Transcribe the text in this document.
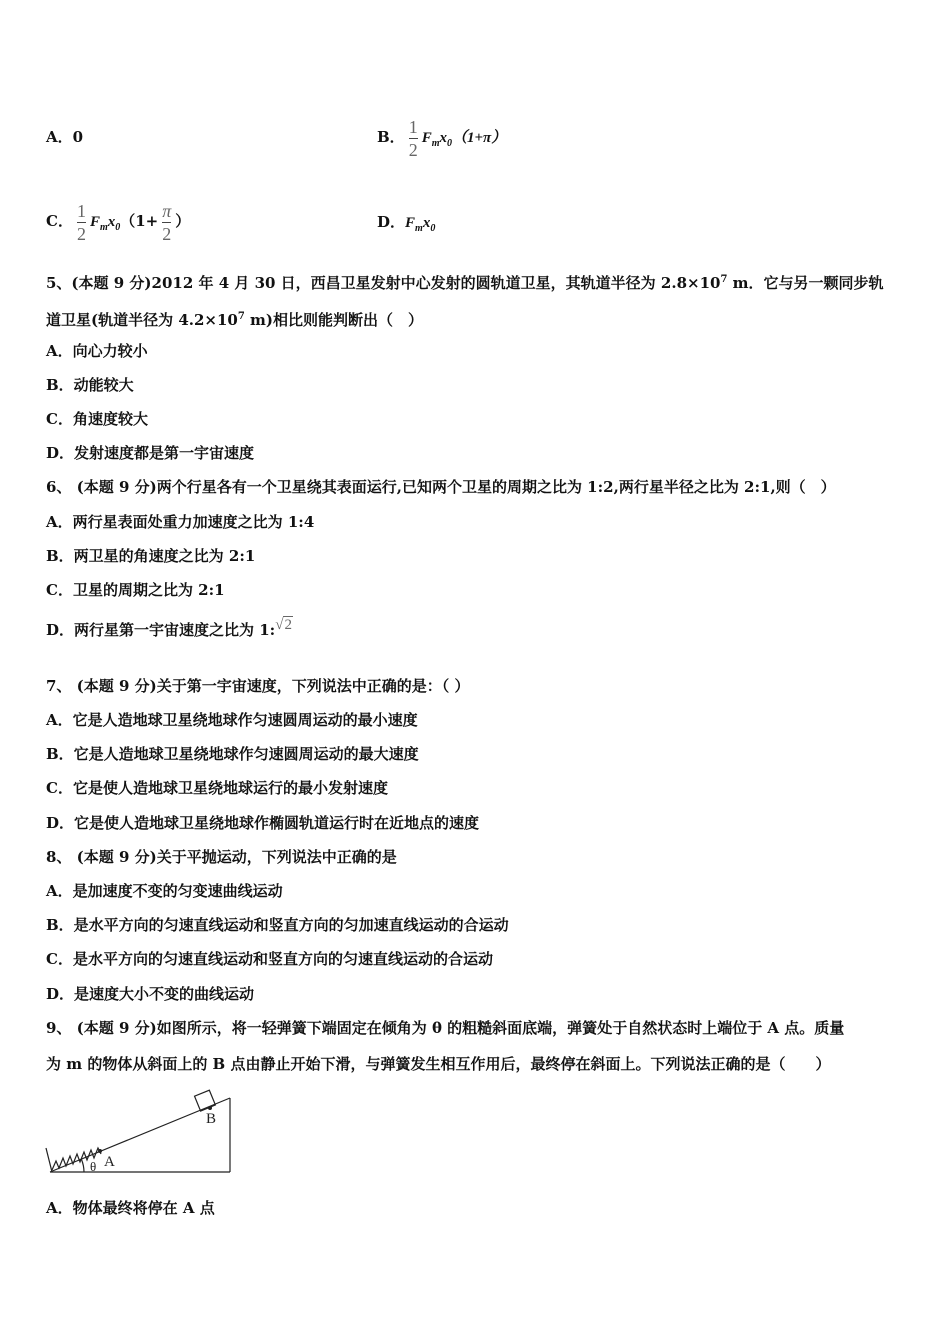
A．0	B． $\frac{1}{2} F_mx_0(1+\pi)$
C． $\frac{1}{2} F_mx_0(1+ \frac{\pi}{2}$ ）	D．$F_mx_0$
5、(本题 9 分)2012 年 4 月 30 日，西昌卫星发射中心发射的圆轨道卫星，其轨道半径为 $2.8\times 10^7$ m．它与另一颗同步轨
道卫星(轨道半径为 $4.2\times 10^7$ m)相比则能判断出（　）
A．向心力较小
B．动能较大
C．角速度较大
D．发射速度都是第一宇宙速度
6、 (本题 9 分)两个行星各有一个卫星绕其表面运行,已知两个卫星的周期之比为 1:2,两行星半径之比为 2:1,则（　）
A．两行星表面处重力加速度之比为 1:4
B．两卫星的角速度之比为 2:1
C．卫星的周期之比为 2:1
D．两行星第一宇宙速度之比为 1:√2
7、 (本题 9 分)关于第一宇宙速度，下列说法中正确的是：（ ）
A．它是人造地球卫星绕地球作匀速圆周运动的最小速度
B．它是人造地球卫星绕地球作匀速圆周运动的最大速度
C．它是使人造地球卫星绕地球运行的最小发射速度
D．它是使人造地球卫星绕地球作椭圆轨道运行时在近地点的速度
8、 (本题 9 分)关于平抛运动，下列说法中正确的是
A．是加速度不变的匀变速曲线运动
B．是水平方向的匀速直线运动和竖直方向的匀加速直线运动的合运动
C．是水平方向的匀速直线运动和竖直方向的匀速直线运动的合运动
D．是速度大小不变的曲线运动
9、 (本题 9 分)如图所示，将一轻弹簧下端固定在倾角为 θ 的粗糙斜面底端，弹簧处于自然状态时上端位于 A 点。质量
为 m 的物体从斜面上的 B 点由静止开始下滑，与弹簧发生相互作用后，最终停在斜面上。下列说法正确的是（　　）
A
B
θ
A．物体最终将停在 A 点
